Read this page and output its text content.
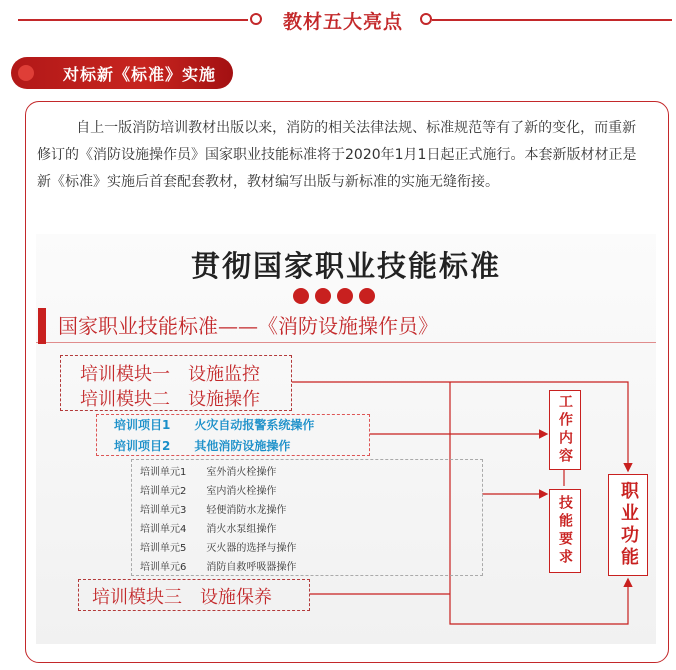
教材五大亮点
对标新《标准》实施

自上一版消防培训教材出版以来，消防的相关法律法规、标准规范等有了新的变化，而重新修订的《消防设施操作员》国家职业技能标准将于2020年1月1日起正式施行。本套新版材材正是新《标准》实施后首套配套教材，教材编写出版与新标准的实施无缝衔接。

贯彻国家职业技能标准
国家职业技能标准——《消防设施操作员》
培训模块一　设施监控
培训模块二　设施操作
培训项目1　　火灾自动报警系统操作
培训项目2　　其他消防设施操作
培训单元1　　室外消火栓操作
培训单元2　　室内消火栓操作
培训单元3　　轻便消防水龙操作
培训单元4　　消火水泵组操作
培训单元5　　灭火器的选择与操作
培训单元6　　消防自救呼吸器操作
培训模块三　设施保养
工作内容
技能要求	职业功能
